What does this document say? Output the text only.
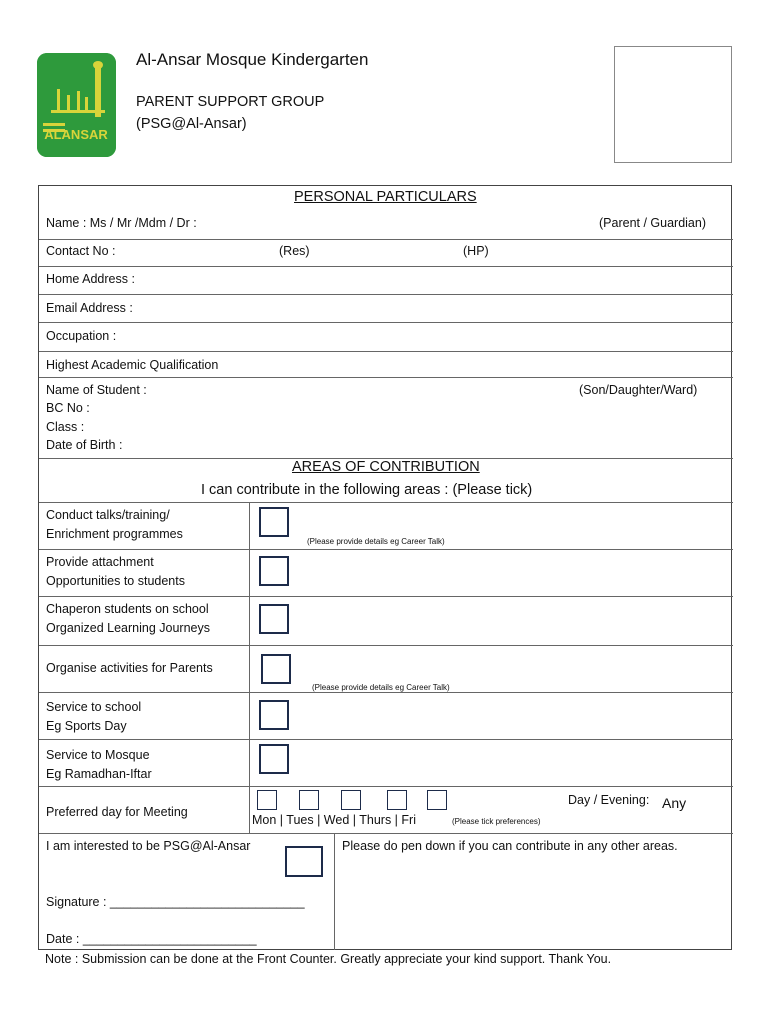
ALANSAR
Al-Ansar Mosque Kindergarten
PARENT SUPPORT GROUP
(PSG@Al-Ansar)
PERSONAL PARTICULARS
Name : Ms / Mr /Mdm / Dr :	(Parent / Guardian)
Contact No :	(Res)	(HP)
Home Address :
Email Address :
Occupation :
Highest Academic Qualification
Name of Student :	(Son/Daughter/Ward)
BC No :
Class :
Date of Birth :
AREAS OF CONTRIBUTION
I can contribute in the following areas : (Please tick)
Conduct talks/training/
Enrichment programmes
(Please provide details eg Career Talk)
Provide attachment
Opportunities to students
Chaperon students on school
Organized Learning Journeys
Organise activities for Parents
(Please provide details eg Career Talk)
Service to school
Eg Sports Day
Service to Mosque
Eg Ramadhan-Iftar
Preferred day for Meeting
Mon | Tues | Wed | Thurs | Fri	(Please tick preferences)
Day / Evening: Any
I am interested to be PSG@Al-Ansar	Please do pen down if you can contribute in any other areas.
Signature : ____________________________
Date : _________________________
Note : Submission can be done at the Front Counter. Greatly appreciate your kind support. Thank You.
